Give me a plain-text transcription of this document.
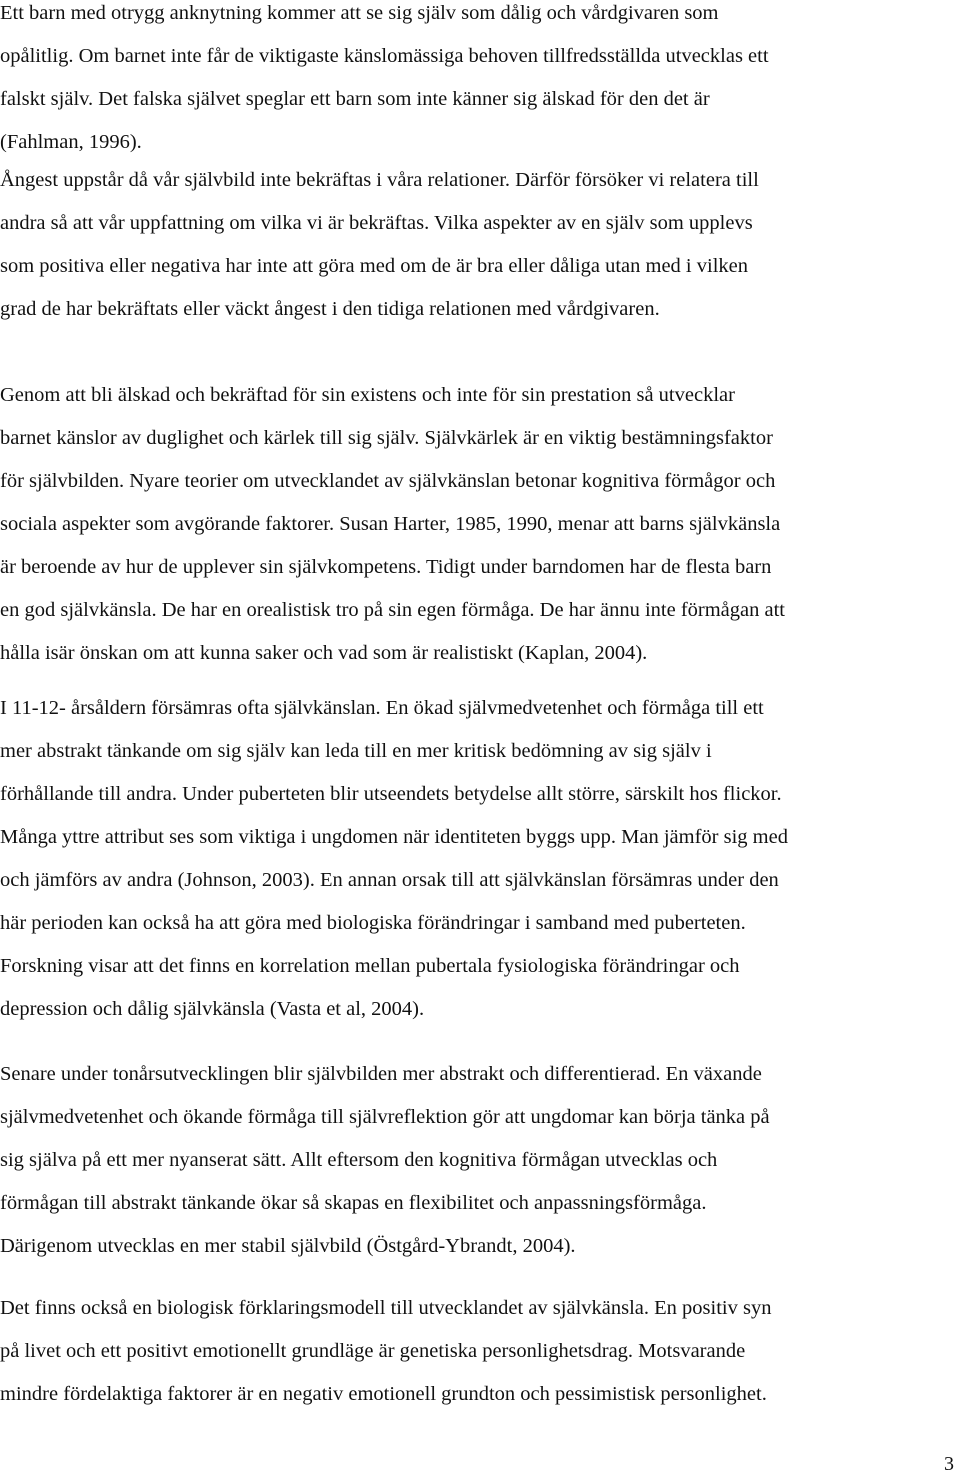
Ett barn med otrygg anknytning kommer att se sig själv som dålig och vårdgivaren som
opålitlig. Om barnet inte får de viktigaste känslomässiga behoven tillfredsställda utvecklas ett
falskt själv. Det falska självet speglar ett barn som inte känner sig älskad för den det är
(Fahlman, 1996).
Ångest uppstår då vår självbild inte bekräftas i våra relationer. Därför försöker vi relatera till
andra så att vår uppfattning om vilka vi är bekräftas. Vilka aspekter av en själv som upplevs
som positiva eller negativa har inte att göra med om de är bra eller dåliga utan med i vilken
grad de har bekräftats eller väckt ångest i den tidiga relationen med vårdgivaren.
Genom att bli älskad och bekräftad för sin existens och inte för sin prestation så utvecklar
barnet känslor av duglighet och kärlek till sig själv. Självkärlek är en viktig bestämningsfaktor
för självbilden. Nyare teorier om utvecklandet av självkänslan betonar kognitiva förmågor och
sociala aspekter som avgörande faktorer. Susan Harter, 1985, 1990, menar att barns självkänsla
är beroende av hur de upplever sin självkompetens. Tidigt under barndomen har de flesta barn
en god självkänsla. De har en orealistisk tro på sin egen förmåga. De har ännu inte förmågan att
hålla isär önskan om att kunna saker och vad som är realistiskt (Kaplan, 2004).
I 11-12- årsåldern försämras ofta självkänslan. En ökad självmedvetenhet och förmåga till ett
mer abstrakt tänkande om sig själv kan leda till en mer kritisk bedömning av sig själv i
förhållande till andra. Under puberteten blir utseendets betydelse allt större, särskilt hos flickor.
Många yttre attribut ses som viktiga i ungdomen när identiteten byggs upp. Man jämför sig med
och jämförs av andra (Johnson, 2003). En annan orsak till att självkänslan försämras under den
här perioden kan också ha att göra med biologiska förändringar i samband med puberteten.
Forskning visar att det finns en korrelation mellan pubertala fysiologiska förändringar och
depression och dålig självkänsla (Vasta et al, 2004).
Senare under tonårsutvecklingen blir självbilden mer abstrakt och differentierad. En växande
självmedvetenhet och ökande förmåga till självreflektion gör att ungdomar kan börja tänka på
sig själva på ett mer nyanserat sätt. Allt eftersom den kognitiva förmågan utvecklas och
förmågan till abstrakt tänkande ökar så skapas en flexibilitet och anpassningsförmåga.
Därigenom utvecklas en mer stabil självbild (Östgård-Ybrandt, 2004).
Det finns också en biologisk förklaringsmodell till utvecklandet av självkänsla. En positiv syn
på livet och ett positivt emotionellt grundläge är genetiska personlighetsdrag. Motsvarande
mindre fördelaktiga faktorer är en negativ emotionell grundton och pessimistisk personlighet.
3
